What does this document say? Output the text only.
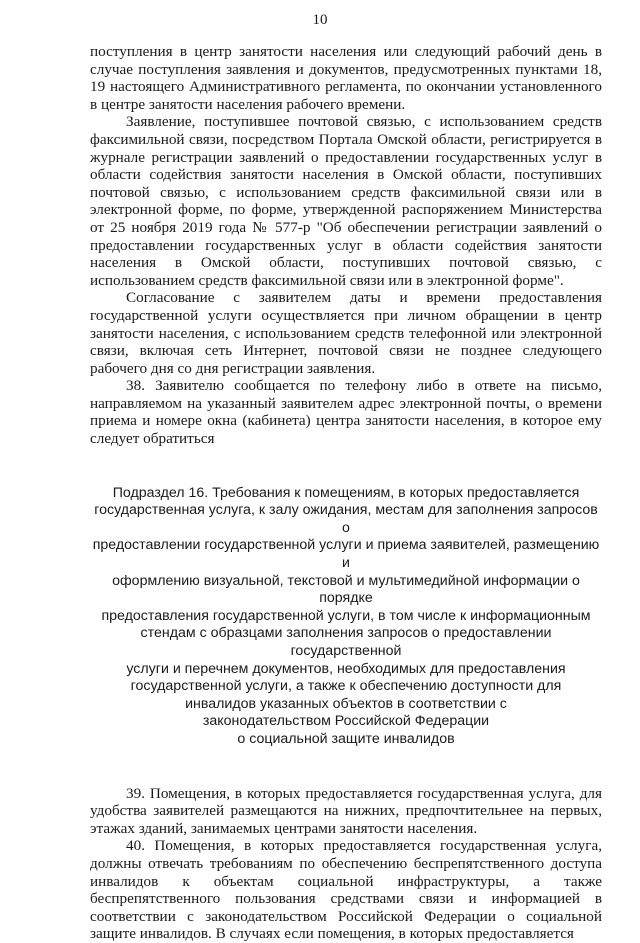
10

поступления в центр занятости населения или следующий рабочий день в случае поступления заявления и документов, предусмотренных пунктами 18, 19 настоящего Административного регламента, по окончании установленного в центре занятости населения рабочего времени.

Заявление, поступившее почтовой связью, с использованием средств факсимильной связи, посредством Портала Омской области, регистрируется в журнале регистрации заявлений о предоставлении государственных услуг в области содействия занятости населения в Омской области, поступивших почтовой связью, с использованием средств факсимильной связи или в электронной форме, по форме, утвержденной распоряжением Министерства от 25 ноября 2019 года № 577-р "Об обеспечении регистрации заявлений о предоставлении государственных услуг в области содействия занятости населения в Омской области, поступивших почтовой связью, с использованием средств факсимильной связи или в электронной форме".

Согласование с заявителем даты и времени предоставления государственной услуги осуществляется при личном обращении в центр занятости населения, с использованием средств телефонной или электронной связи, включая сеть Интернет, почтовой связи не позднее следующего рабочего дня со дня регистрации заявления.

38. Заявителю сообщается по телефону либо в ответе на письмо, направляемом на указанный заявителем адрес электронной почты, о времени приема и номере окна (кабинета) центра занятости населения, в которое ему следует обратиться

Подраздел 16. Требования к помещениям, в которых предоставляется
государственная услуга, к залу ожидания, местам для заполнения запросов о
предоставлении государственной услуги и приема заявителей, размещению и
оформлению визуальной, текстовой и мультимедийной информации о порядке
предоставления государственной услуги, в том числе к информационным
стендам с образцами заполнения запросов о предоставлении государственной
услуги и перечнем документов, необходимых для предоставления
государственной услуги, а также к обеспечению доступности для
инвалидов указанных объектов в соответствии с
законодательством Российской Федерации
о социальной защите инвалидов

39. Помещения, в которых предоставляется государственная услуга, для удобства заявителей размещаются на нижних, предпочтительнее на первых, этажах зданий, занимаемых центрами занятости населения.

40. Помещения, в которых предоставляется государственная услуга, должны отвечать требованиям по обеспечению беспрепятственного доступа инвалидов к объектам социальной инфраструктуры, а также беспрепятственного пользования средствами связи и информацией в соответствии с законодательством Российской Федерации о социальной защите инвалидов. В случаях если помещения, в которых предоставляется
